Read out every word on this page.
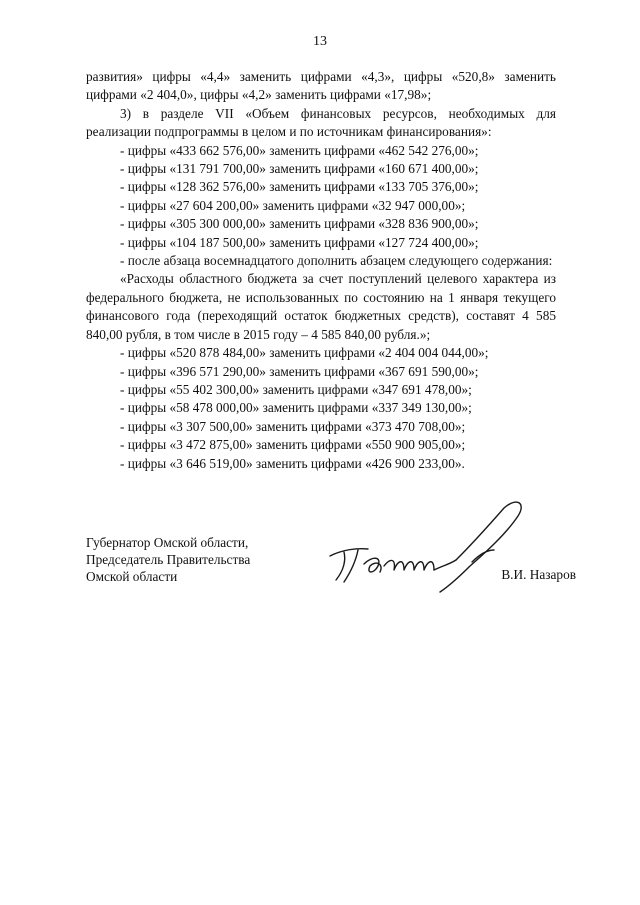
13

развития» цифры «4,4» заменить цифрами «4,3», цифры «520,8» заменить цифрами «2 404,0», цифры «4,2» заменить цифрами «17,98»;

3) в разделе VII «Объем финансовых ресурсов, необходимых для реализации подпрограммы в целом и по источникам финансирования»:

- цифры «433 662 576,00» заменить цифрами «462 542 276,00»;

- цифры «131 791 700,00» заменить цифрами «160 671 400,00»;

- цифры «128 362 576,00» заменить цифрами «133 705 376,00»;

- цифры «27 604 200,00» заменить цифрами «32 947 000,00»;

- цифры «305 300 000,00» заменить цифрами «328 836 900,00»;

- цифры «104 187 500,00» заменить цифрами «127 724 400,00»;

- после абзаца восемнадцатого дополнить абзацем следующего содержания:

«Расходы областного бюджета за счет поступлений целевого характера из федерального бюджета, не использованных по состоянию на 1 января текущего финансового года (переходящий остаток бюджетных средств), составят 4 585 840,00 рубля, в том числе в 2015 году – 4 585 840,00 рубля.»;

- цифры «520 878 484,00» заменить цифрами «2 404 004 044,00»;

- цифры «396 571 290,00» заменить цифрами «367 691 590,00»;

- цифры «55 402 300,00» заменить цифрами «347 691 478,00»;

- цифры «58 478 000,00» заменить цифрами «337 349 130,00»;

- цифры «3 307 500,00» заменить цифрами «373 470 708,00»;

- цифры «3 472 875,00» заменить цифрами «550 900 905,00»;

- цифры «3 646 519,00» заменить цифрами «426 900 233,00».

Губернатор Омской области,
Председатель Правительства
Омской области	В.И. Назаров
